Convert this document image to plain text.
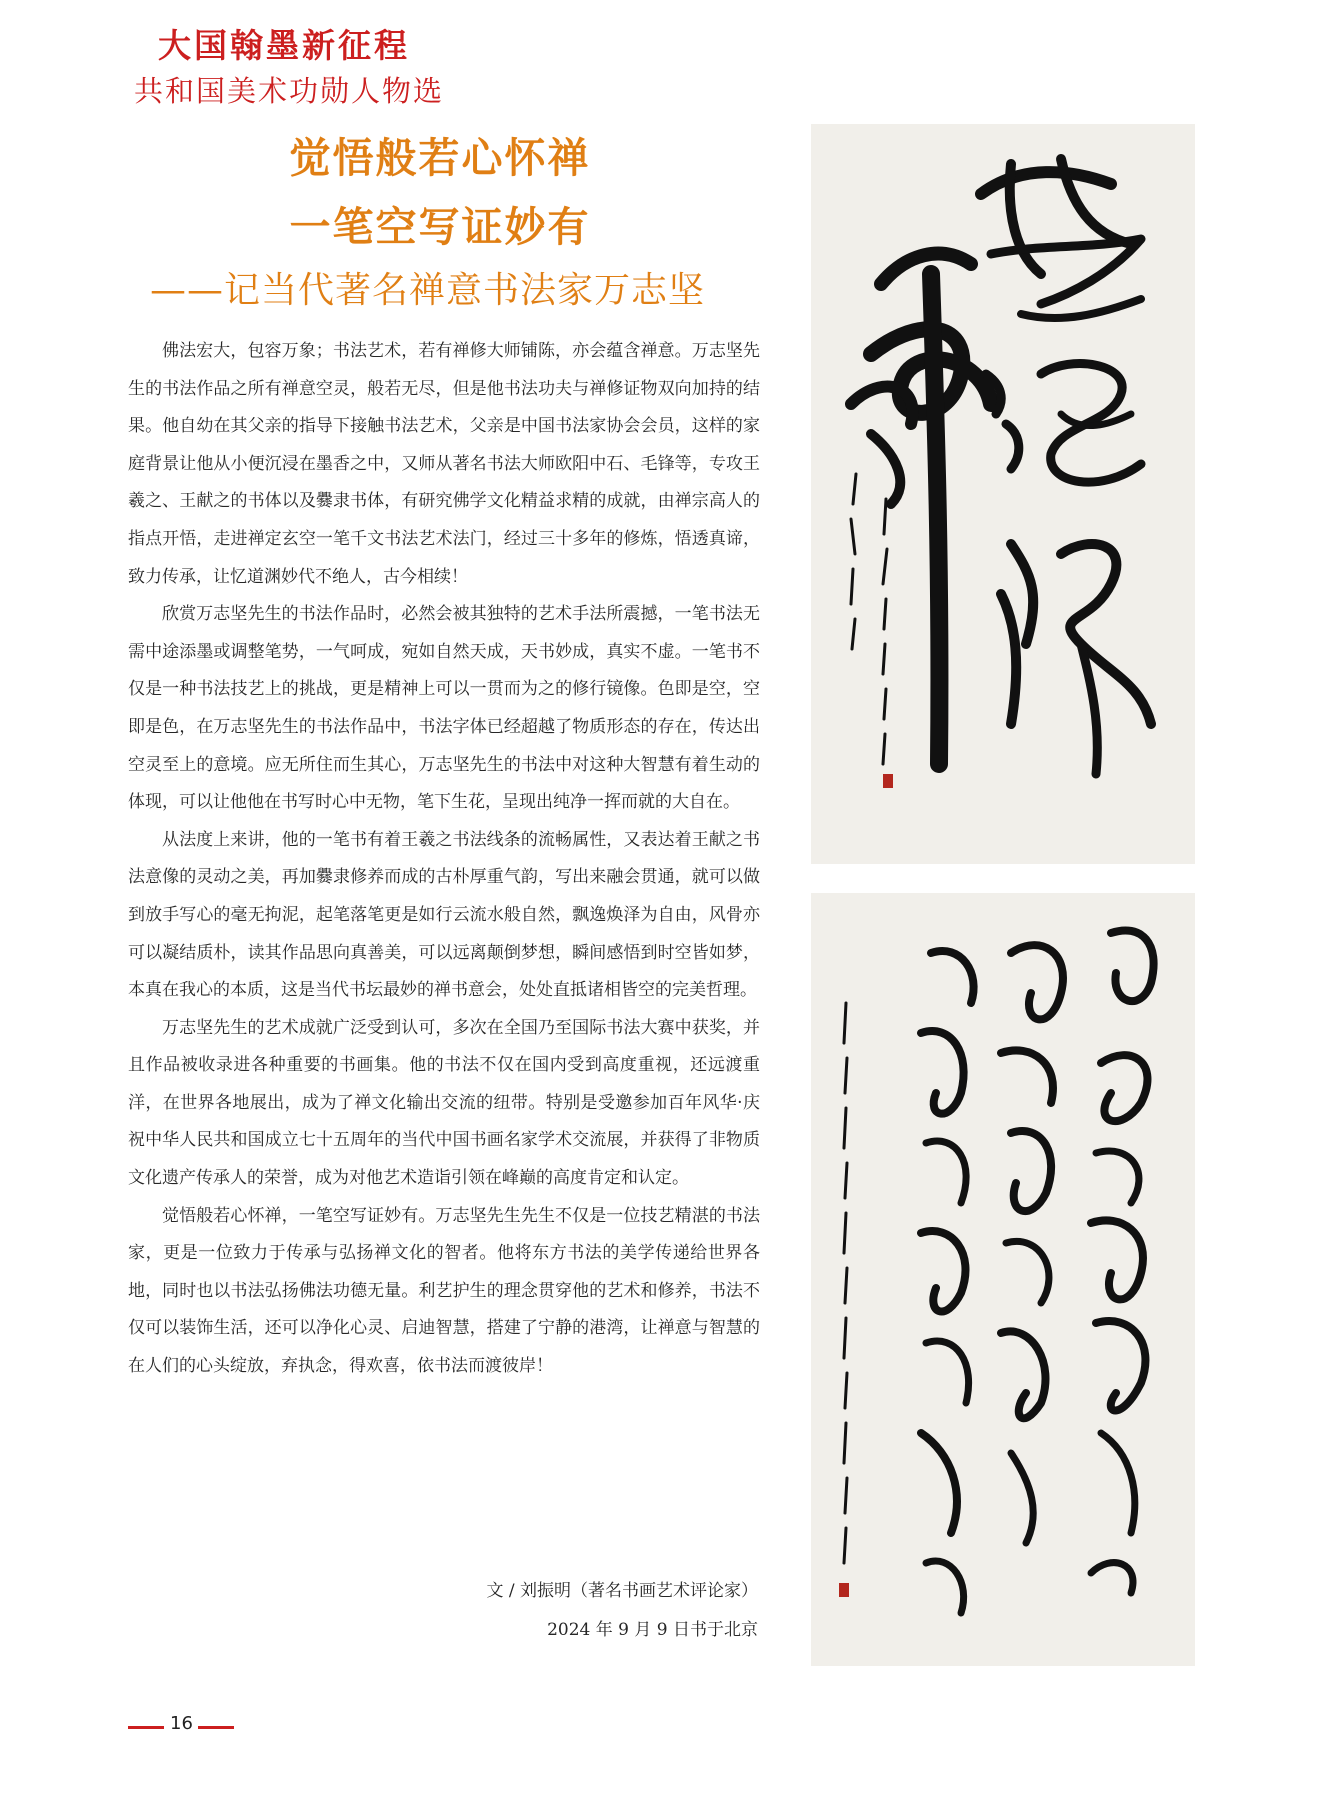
大国翰墨新征程
共和国美术功勋人物选
觉悟般若心怀禅
一笔空写证妙有
——记当代著名禅意书法家万志坚

佛法宏大，包容万象；书法艺术，若有禅修大师铺陈，亦会蕴含禅意。万志坚先生的书法作品之所有禅意空灵，般若无尽，但是他书法功夫与禅修证物双向加持的结果。他自幼在其父亲的指导下接触书法艺术，父亲是中国书法家协会会员，这样的家庭背景让他从小便沉浸在墨香之中，又师从著名书法大师欧阳中石、毛锋等，专攻王羲之、王献之的书体以及爨隶书体，有研究佛学文化精益求精的成就，由禅宗高人的指点开悟，走进禅定玄空一笔千文书法艺术法门，经过三十多年的修炼，悟透真谛，致力传承，让忆道渊妙代不绝人，古今相续！

欣赏万志坚先生的书法作品时，必然会被其独特的艺术手法所震撼，一笔书法无需中途添墨或调整笔势，一气呵成，宛如自然天成，天书妙成，真实不虚。一笔书不仅是一种书法技艺上的挑战，更是精神上可以一贯而为之的修行镜像。色即是空，空即是色，在万志坚先生的书法作品中，书法字体已经超越了物质形态的存在，传达出空灵至上的意境。应无所住而生其心，万志坚先生的书法中对这种大智慧有着生动的体现，可以让他他在书写时心中无物，笔下生花，呈现出纯净一挥而就的大自在。

从法度上来讲，他的一笔书有着王羲之书法线条的流畅属性，又表达着王献之书法意像的灵动之美，再加爨隶修养而成的古朴厚重气韵，写出来融会贯通，就可以做到放手写心的毫无拘泥，起笔落笔更是如行云流水般自然，飘逸焕泽为自由，风骨亦可以凝结质朴，读其作品思向真善美，可以远离颠倒梦想，瞬间感悟到时空皆如梦，本真在我心的本质，这是当代书坛最妙的禅书意会，处处直抵诸相皆空的完美哲理。

万志坚先生的艺术成就广泛受到认可，多次在全国乃至国际书法大赛中获奖，并且作品被收录进各种重要的书画集。他的书法不仅在国内受到高度重视，还远渡重洋，在世界各地展出，成为了禅文化输出交流的纽带。特别是受邀参加百年风华·庆祝中华人民共和国成立七十五周年的当代中国书画名家学术交流展，并获得了非物质文化遗产传承人的荣誉，成为对他艺术造诣引领在峰巅的高度肯定和认定。

觉悟般若心怀禅，一笔空写证妙有。万志坚先生先生不仅是一位技艺精湛的书法家，更是一位致力于传承与弘扬禅文化的智者。他将东方书法的美学传递给世界各地，同时也以书法弘扬佛法功德无量。利艺护生的理念贯穿他的艺术和修养，书法不仅可以装饰生活，还可以净化心灵、启迪智慧，搭建了宁静的港湾，让禅意与智慧的在人们的心头绽放，弃执念，得欢喜，依书法而渡彼岸！

文 / 刘振明（著名书画艺术评论家）
2024 年 9 月 9 日书于北京
16
